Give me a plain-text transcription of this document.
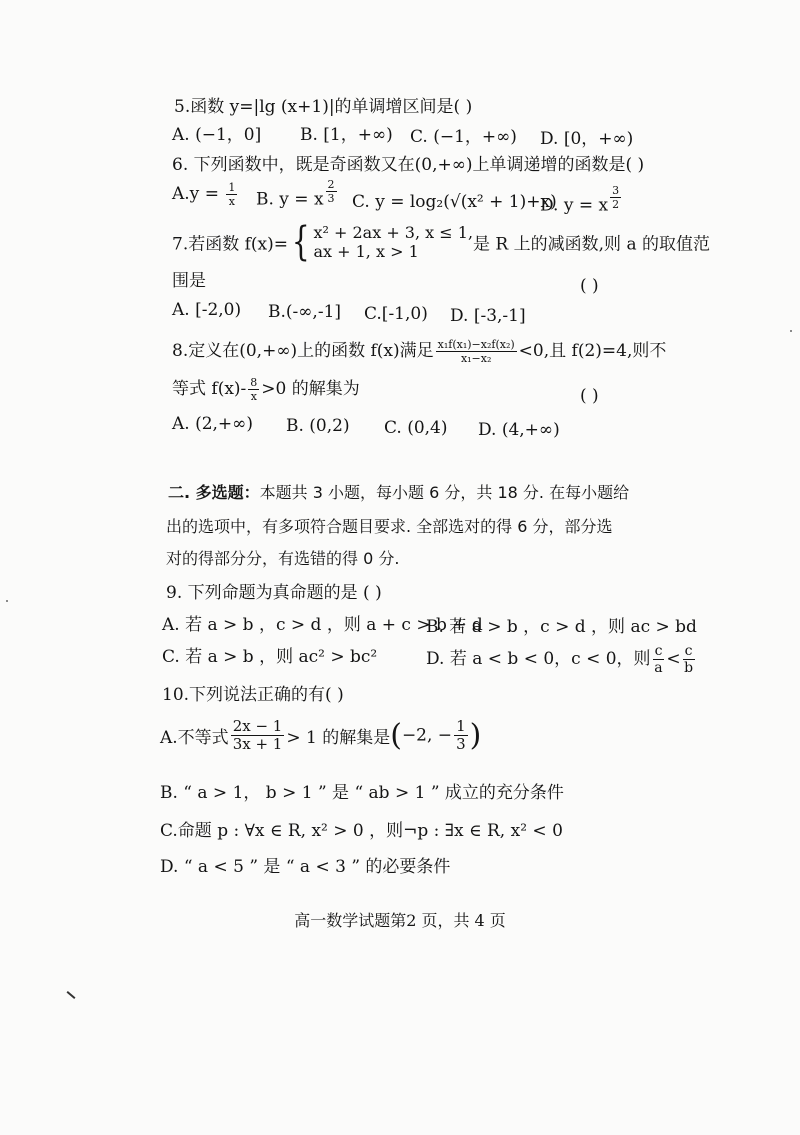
5.函数 y=|lg (x+1)|的单调增区间是( )
A. (−1，0] B. [1，+∞) C. (−1，+∞) D. [0，+∞)
6. 下列函数中，既是奇函数又在(0,+∞)上单调递增的函数是( )
$A.y = \frac{1}{x} B$. y = x $^{\frac{2}{3}}$ C. y = log₂(√(x² + 1)+x)
D. y = x $^{\frac{3}{2}}$
7.若函数 f(x)={ x² + 2ax + 3, x ≤ 1,
ax + 1, x > 1	是 R 上的减函数,则 a 的取值范
围是	( )
A. [-2,0) B.(-∞,-1] C.[-1,0) D. [-3,-1]
8.定义在(0,+∞)上的函数 f(x)满足 $\frac{\text{x₁f(x₁)−x₂f(x₂)}}{\text{x₁−x₂}} <0$,且 f(2)=4,则不
等式 $f(x)- \frac{8}{x} >0$ 的解集为	( )
A. (2,+∞) B. (0,2) C. (0,4) D. (4,+∞)
二. 多选题：本题共 3 小题，每小题 6 分，共 18 分. 在每小题给
出的选项中，有多项符合题目要求. 全部选对的得 6 分，部分选
对的得部分分，有选错的得 0 分.
9. 下列命题为真命题的是 ( )
A. 若 a > b ，c > d ，则 a + c > b + d
B. 若 a > b ，c > d ，则 ac > bd
C. 若 a > b ，则 ac² > bc²	D. 若 a < b < 0，c < 0，则 $\frac{c}{a} < \frac{c}{b}$
10.下列说法正确的有( )
A.不等式 $\frac{2x - 1}{3x + 1} > 1$ 的解集是(−2, − $\frac{1}{3}$ )
B. “ a > 1， b > 1 ” 是 “ ab > 1 ” 成立的充分条件
C.命题 p : ∀x ∈ R, x² > 0 ，则¬p : ∃x ∈ R, x² < 0
D. “ a < 5 ” 是 “ a < 3 ” 的必要条件
高一数学试题第2 页，共 4 页
